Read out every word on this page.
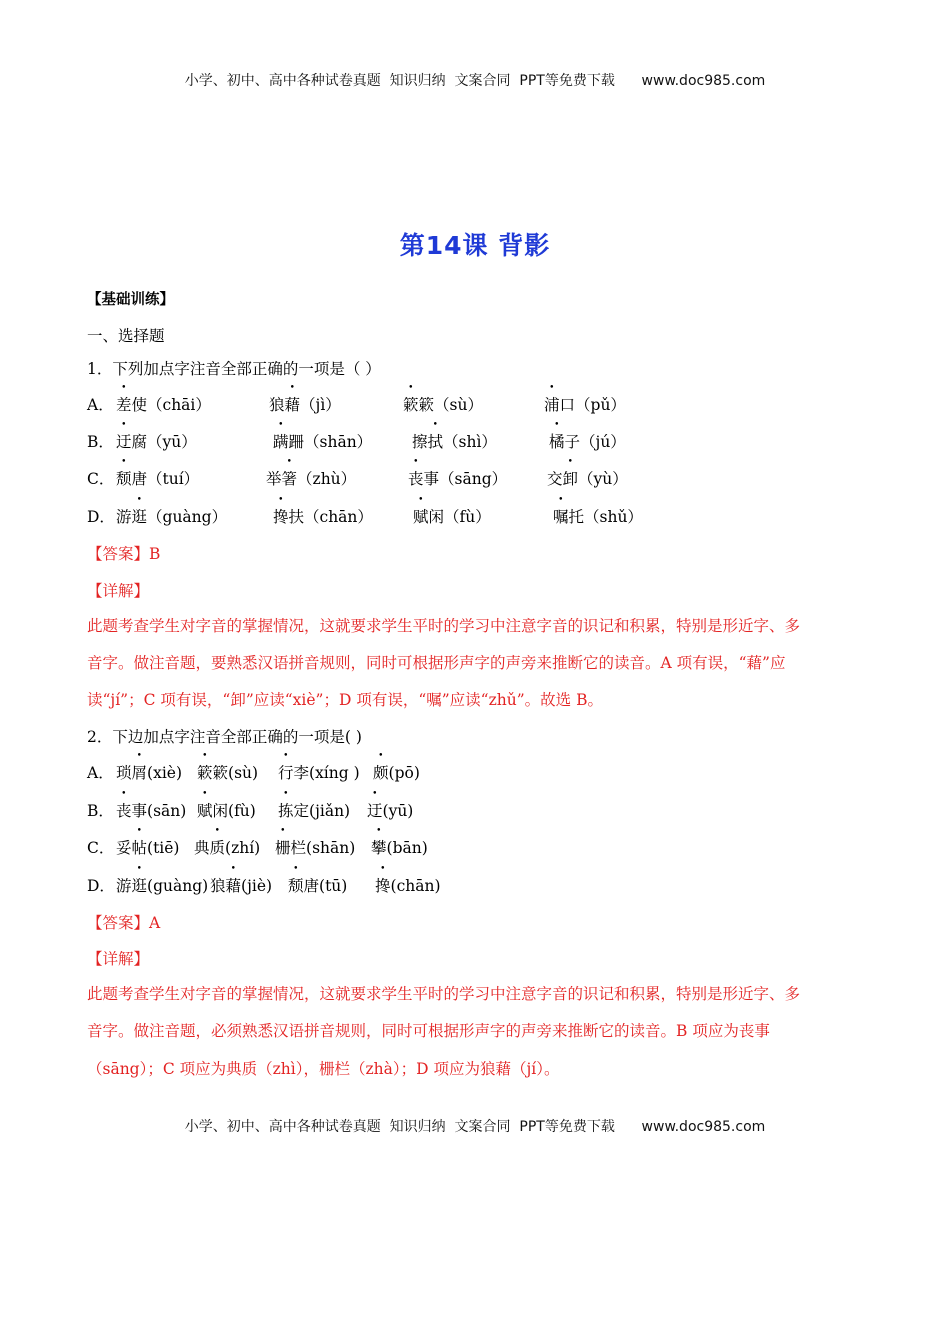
小学、初中、高中各种试卷真题  知识归纳  文案合同  PPT等免费下载      www.doc985.com
第14课 背影
【基础训练】
一、选择题
1．下列加点字注音全部正确的一项是（ ）
A． 差使（chāi）	狼藉（jì）	簌簌（sù）	浦口（pǔ）
B． 迂腐（yū）	蹒跚（shān）	擦拭（shì）	橘子（jú）
C． 颓唐（tuí）	举箸（zhù）	丧事（sāng）	交卸（yù）
D． 游逛（guàng）	搀扶（chān）	赋闲（fù）	嘱托（shǔ）
【答案】B
【详解】
此题考查学生对字音的掌握情况，这就要求学生平时的学习中注意字音的识记和积累，特别是形近字、多
音字。做注音题，要熟悉汉语拼音规则，同时可根据形声字的声旁来推断它的读音。A 项有误，“藉”应
读“jí”；C 项有误，“卸”应读“xiè”；D 项有误，“嘱”应读“zhǔ”。故选 B。
2．下边加点字注音全部正确的一项是( )
A． 琐屑(xiè) 簌簌(sù) 行李(xíng ) 颇(pō)
B． 丧事(sān) 赋闲(fù) 拣定(jiǎn) 迂(yū)
C． 妥帖(tiē) 典质(zhí) 栅栏(shān) 攀(bān)
D． 游逛(guàng) 狼藉(jiè) 颓唐(tū) 搀(chān)
【答案】A
【详解】
此题考查学生对字音的掌握情况，这就要求学生平时的学习中注意字音的识记和积累，特别是形近字、多
音字。做注音题，必须熟悉汉语拼音规则，同时可根据形声字的声旁来推断它的读音。B 项应为丧事
（sāng）；C 项应为典质（zhì），栅栏（zhà）；D 项应为狼藉（jí）。
小学、初中、高中各种试卷真题  知识归纳  文案合同  PPT等免费下载      www.doc985.com
